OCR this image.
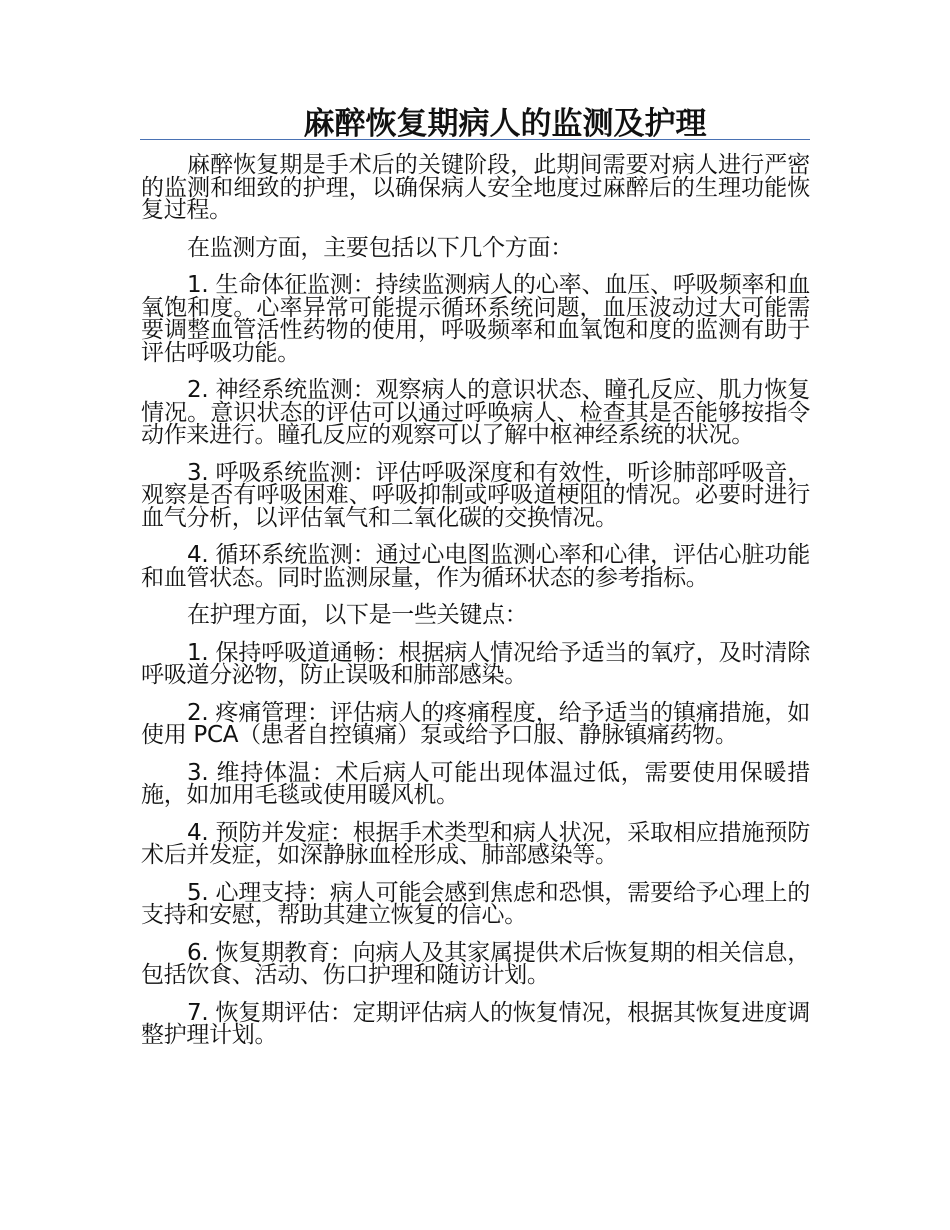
麻醉恢复期病人的监测及护理

麻醉恢复期是手术后的关键阶段，此期间需要对病人进行严密的监测和细致的护理，以确保病人安全地度过麻醉后的生理功能恢复过程。

在监测方面，主要包括以下几个方面：

1. 生命体征监测：持续监测病人的心率、血压、呼吸频率和血氧饱和度。心率异常可能提示循环系统问题，血压波动过大可能需要调整血管活性药物的使用，呼吸频率和血氧饱和度的监测有助于评估呼吸功能。

2. 神经系统监测：观察病人的意识状态、瞳孔反应、肌力恢复情况。意识状态的评估可以通过呼唤病人、检查其是否能够按指令动作来进行。瞳孔反应的观察可以了解中枢神经系统的状况。

3. 呼吸系统监测：评估呼吸深度和有效性，听诊肺部呼吸音，观察是否有呼吸困难、呼吸抑制或呼吸道梗阻的情况。必要时进行血气分析，以评估氧气和二氧化碳的交换情况。

4. 循环系统监测：通过心电图监测心率和心律，评估心脏功能和血管状态。同时监测尿量，作为循环状态的参考指标。

在护理方面，以下是一些关键点：

1. 保持呼吸道通畅：根据病人情况给予适当的氧疗，及时清除呼吸道分泌物，防止误吸和肺部感染。

2. 疼痛管理：评估病人的疼痛程度，给予适当的镇痛措施，如使用 PCA（患者自控镇痛）泵或给予口服、静脉镇痛药物。

3. 维持体温：术后病人可能出现体温过低，需要使用保暖措施，如加用毛毯或使用暖风机。

4. 预防并发症：根据手术类型和病人状况，采取相应措施预防术后并发症，如深静脉血栓形成、肺部感染等。

5. 心理支持：病人可能会感到焦虑和恐惧，需要给予心理上的支持和安慰，帮助其建立恢复的信心。

6. 恢复期教育：向病人及其家属提供术后恢复期的相关信息，包括饮食、活动、伤口护理和随访计划。

7. 恢复期评估：定期评估病人的恢复情况，根据其恢复进度调整护理计划。
